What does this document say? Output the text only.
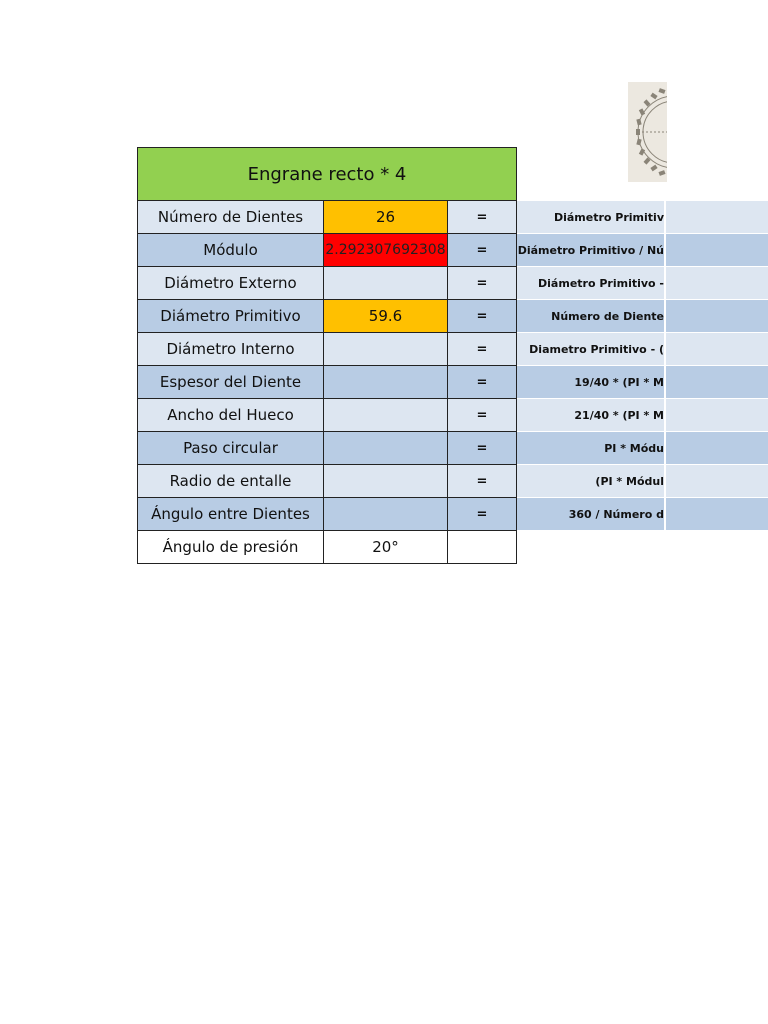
Engrane recto * 4			
Número de Dientes	26	=	Diámetro Primitiv
Módulo	2.292307692308	=	Diámetro Primitivo / Nú
Diámetro Externo		=	Diámetro Primitivo -
Diámetro Primitivo	59.6	=	Número de Diente
Diámetro Interno		=	Diametro Primitivo - (
Espesor del Diente		=	19/40 * (PI * M
Ancho del Hueco		=	21/40 * (PI * M
Paso circular		=	PI * Módu
Radio de entalle		=	(PI * Módul
Ángulo entre Dientes		=	360 / Número d
Ángulo de presión	20°		
